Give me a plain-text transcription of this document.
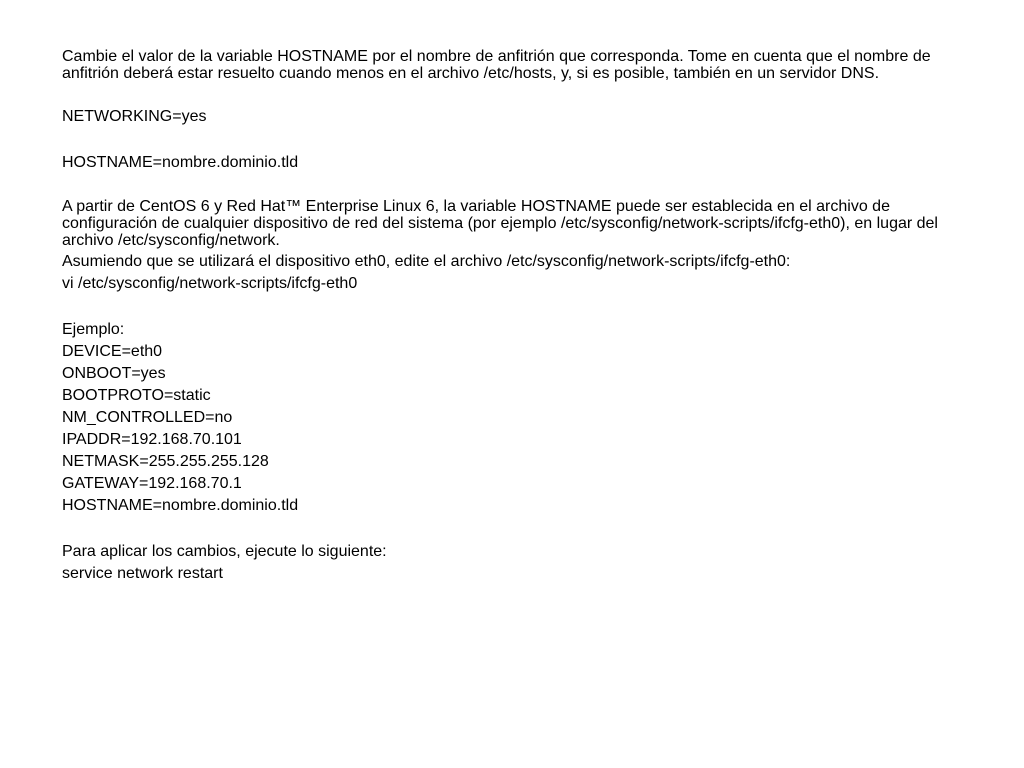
Cambie el valor de la variable HOSTNAME por el nombre de anfitrión que corresponda. Tome en cuenta que el nombre de anfitrión deberá estar resuelto cuando menos en el archivo /etc/hosts, y, si es posible, también en un servidor DNS.

NETWORKING=yes

HOSTNAME=nombre.dominio.tld

A partir de CentOS 6 y Red Hat™ Enterprise Linux 6, la variable HOSTNAME puede ser establecida en el archivo de configuración de cualquier dispositivo de red del sistema (por ejemplo /etc/sysconfig/network-scripts/ifcfg-eth0), en lugar del archivo /etc/sysconfig/network.

Asumiendo que se utilizará el dispositivo eth0, edite el archivo /etc/sysconfig/network-scripts/ifcfg-eth0:

vi /etc/sysconfig/network-scripts/ifcfg-eth0

Ejemplo:

DEVICE=eth0

ONBOOT=yes

BOOTPROTO=static

NM_CONTROLLED=no

IPADDR=192.168.70.101

NETMASK=255.255.255.128

GATEWAY=192.168.70.1

HOSTNAME=nombre.dominio.tld

Para aplicar los cambios, ejecute lo siguiente:

service network restart
